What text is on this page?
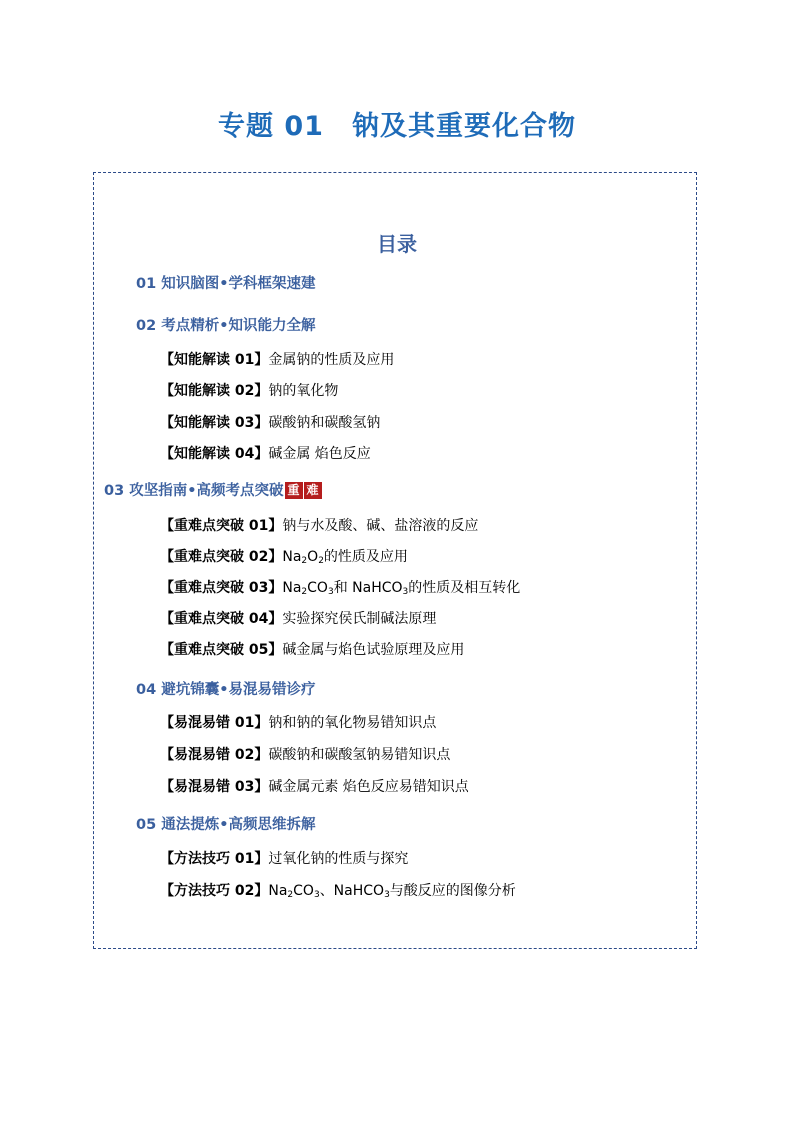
专题 01 钠及其重要化合物
目录
01 知识脑图•学科框架速建
02 考点精析•知识能力全解
【知能解读 01】金属钠的性质及应用
【知能解读 02】钠的氧化物
【知能解读 03】碳酸钠和碳酸氢钠
【知能解读 04】碱金属 焰色反应
03 攻坚指南•高频考点突破 重 难
【重难点突破 01】钠与水及酸、碱、盐溶液的反应
【重难点突破 02】$Na_2O_2$的性质及应用
【重难点突破 03】$Na_2CO_3$和 NaHCO$_3$的性质及相互转化
【重难点突破 04】实验探究侯氏制碱法原理
【重难点突破 05】碱金属与焰色试验原理及应用
04 避坑锦囊•易混易错诊疗
【易混易错 01】钠和钠的氧化物易错知识点
【易混易错 02】碳酸钠和碳酸氢钠易错知识点
【易混易错 03】碱金属元素 焰色反应易错知识点
05 通法提炼•高频思维拆解
【方法技巧 01】过氧化钠的性质与探究
【方法技巧 02】$Na_2CO_3$、NaHCO$_3$与酸反应的图像分析
